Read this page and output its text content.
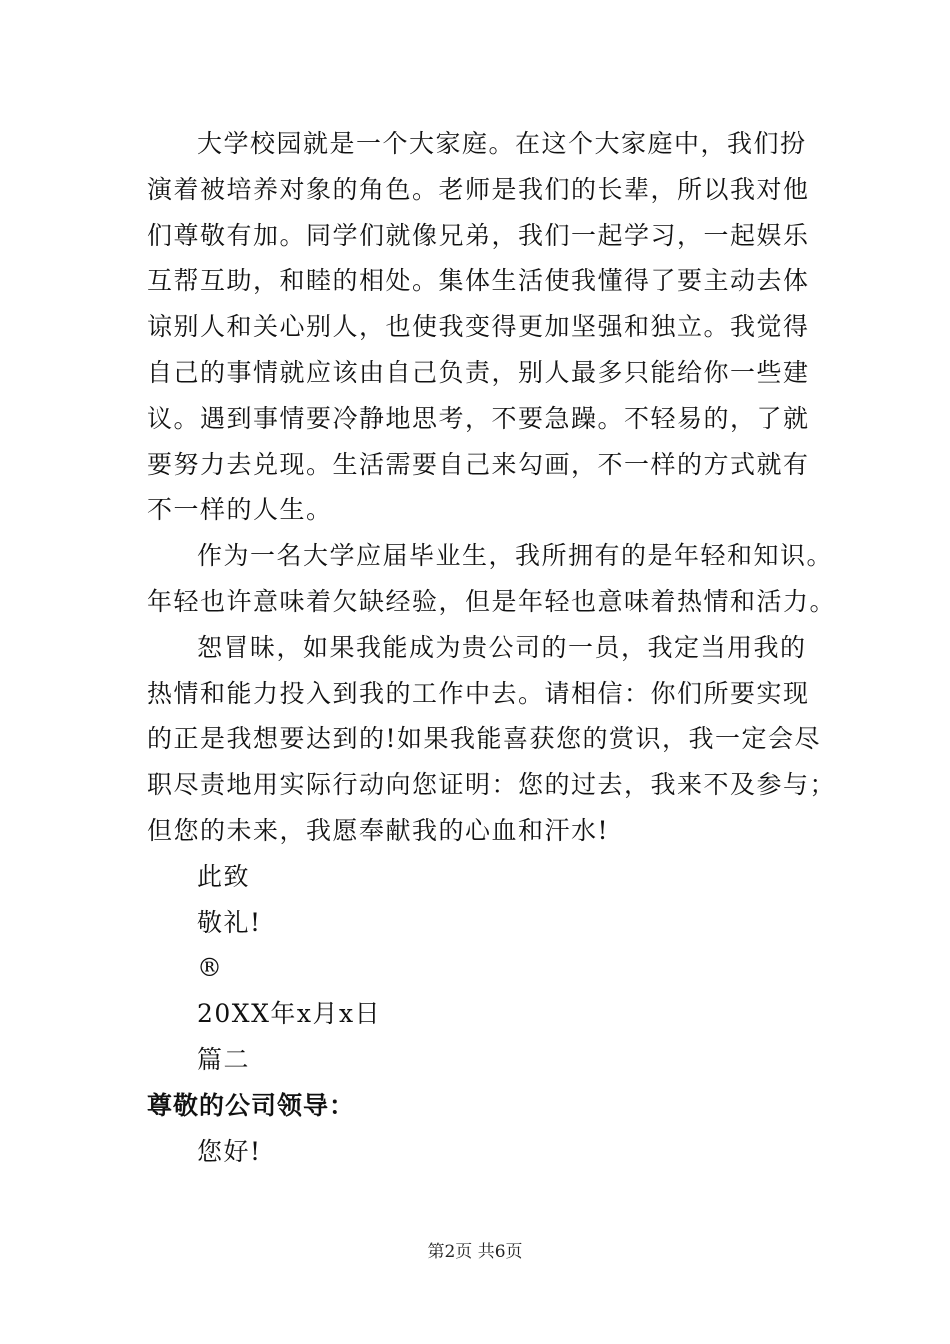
大学校园就是一个大家庭。在这个大家庭中，我们扮
演着被培养对象的角色。老师是我们的长辈，所以我对他
们尊敬有加。同学们就像兄弟，我们一起学习，一起娱乐
互帮互助，和睦的相处。集体生活使我懂得了要主动去体
谅别人和关心别人，也使我变得更加坚强和独立。我觉得
自己的事情就应该由自己负责，别人最多只能给你一些建
议。遇到事情要冷静地思考，不要急躁。不轻易的，了就
要努力去兑现。生活需要自己来勾画，不一样的方式就有
不一样的人生。
作为一名大学应届毕业生，我所拥有的是年轻和知识。
年轻也许意味着欠缺经验，但是年轻也意味着热情和活力。
恕冒昧，如果我能成为贵公司的一员，我定当用我的
热情和能力投入到我的工作中去。请相信：你们所要实现
的正是我想要达到的!如果我能喜获您的赏识，我一定会尽
职尽责地用实际行动向您证明：您的过去，我来不及参与；
但您的未来，我愿奉献我的心血和汗水!
此致
敬礼!
®
20XX年x月x日
篇二
尊敬的公司领导：
您好!
第2页 共6页
